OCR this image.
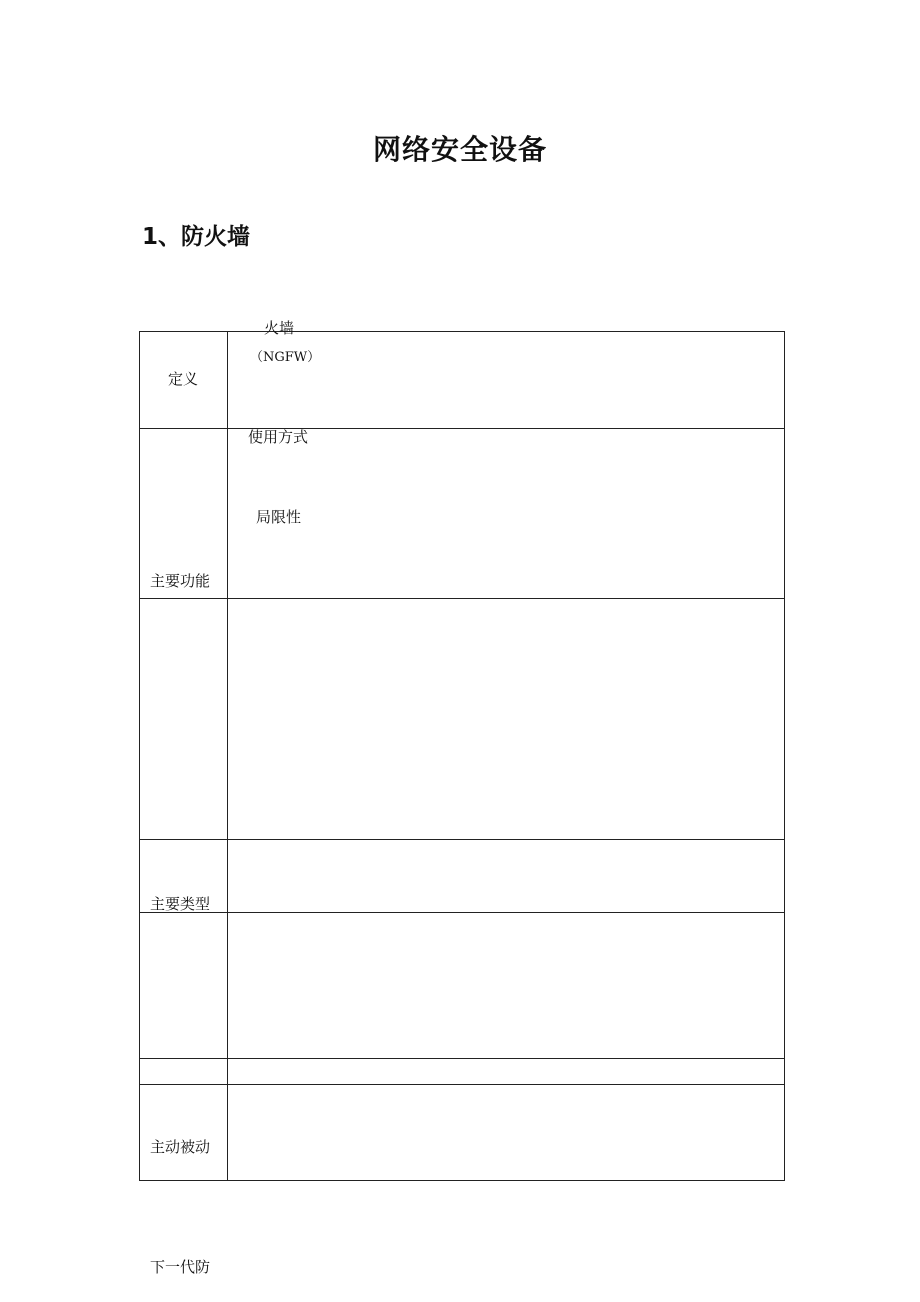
网络安全设备
1、防火墙
定义
主要功能
主要类型
主动被动
火墙
（NGFW）
使用方式
局限性
下一代防
